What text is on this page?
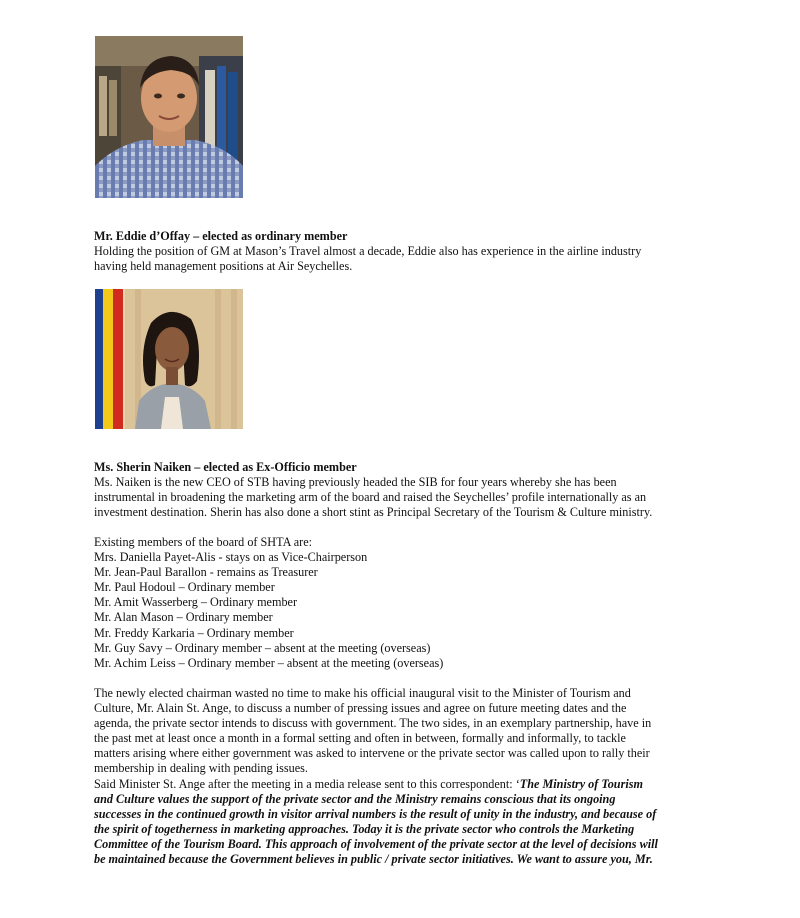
Mr. Eddie d’Offay – elected as ordinary member
Holding the position of GM at Mason’s Travel almost a decade, Eddie also has experience in the airline industry
having held management positions at Air Seychelles.
Ms. Sherin Naiken – elected as Ex-Officio member
Ms. Naiken is the new CEO of STB having previously headed the SIB for four years whereby she has been
instrumental in broadening the marketing arm of the board and raised the Seychelles’ profile internationally as an
investment destination. Sherin has also done a short stint as Principal Secretary of the Tourism & Culture ministry.
Existing members of the board of SHTA are:
Mrs. Daniella Payet-Alis - stays on as Vice-Chairperson
Mr. Jean-Paul Barallon - remains as Treasurer
Mr. Paul Hodoul – Ordinary member
Mr. Amit Wasserberg – Ordinary member
Mr. Alan Mason – Ordinary member
Mr. Freddy Karkaria – Ordinary member
Mr. Guy Savy – Ordinary member – absent at the meeting (overseas)
Mr. Achim Leiss – Ordinary member – absent at the meeting (overseas)
The newly elected chairman wasted no time to make his official inaugural visit to the Minister of Tourism and
Culture, Mr. Alain St. Ange, to discuss a number of pressing issues and agree on future meeting dates and the
agenda, the private sector intends to discuss with government. The two sides, in an exemplary partnership, have in
the past met at least once a month in a formal setting and often in between, formally and informally, to tackle
matters arising where either government was asked to intervene or the private sector was called upon to rally their
membership in dealing with pending issues.
Said Minister St. Ange after the meeting in a media release sent to this correspondent: ‘The Ministry of Tourism
and Culture values the support of the private sector and the Ministry remains conscious that its ongoing
successes in the continued growth in visitor arrival numbers is the result of unity in the industry, and because of
the spirit of togetherness in marketing approaches. Today it is the private sector who controls the Marketing
Committee of the Tourism Board. This approach of involvement of the private sector at the level of decisions will
be maintained because the Government believes in public / private sector initiatives. We want to assure you, Mr.
